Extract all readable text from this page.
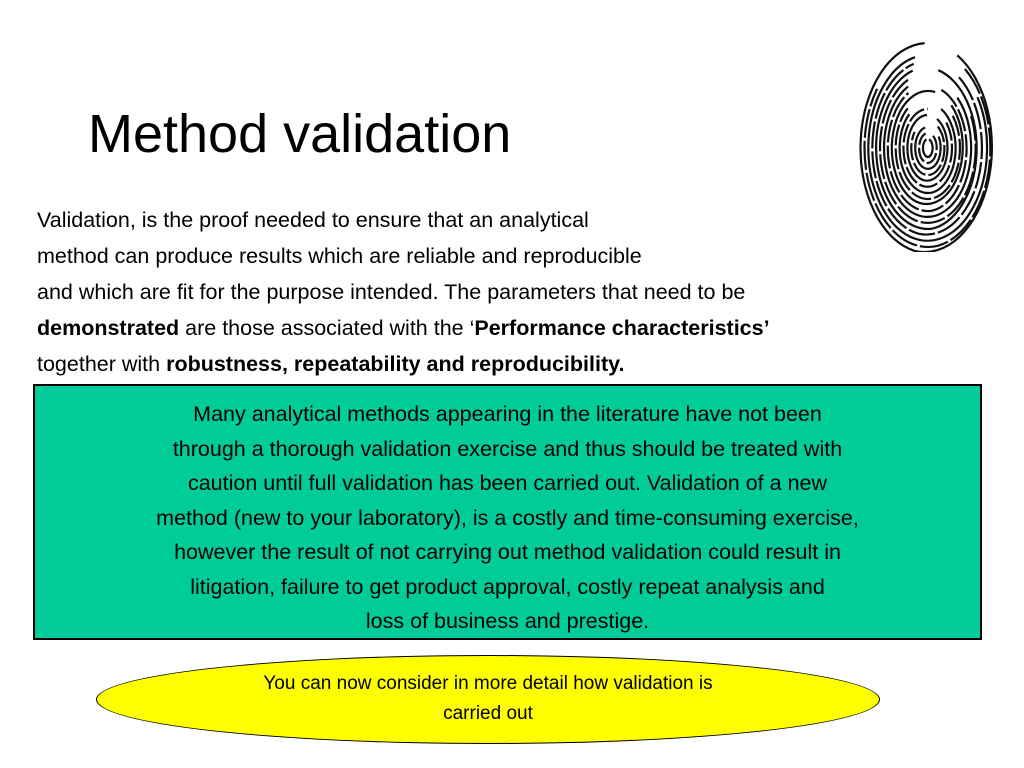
Method validation
Validation, is the proof needed to ensure that an analytical
method can produce results which are reliable and reproducible
and which are fit for the purpose intended. The parameters that need to be
demonstrated are those associated with the ‘Performance characteristics’
together with robustness, repeatability and reproducibility.
Many analytical methods appearing in the literature have not been
through a thorough validation exercise and thus should be treated with
caution until full validation has been carried out. Validation of a new
method (new to your laboratory), is a costly and time-consuming exercise,
however the result of not carrying out method validation could result in
litigation, failure to get product approval, costly repeat analysis and
loss of business and prestige.
You can now consider in more detail how validation is
carried out
